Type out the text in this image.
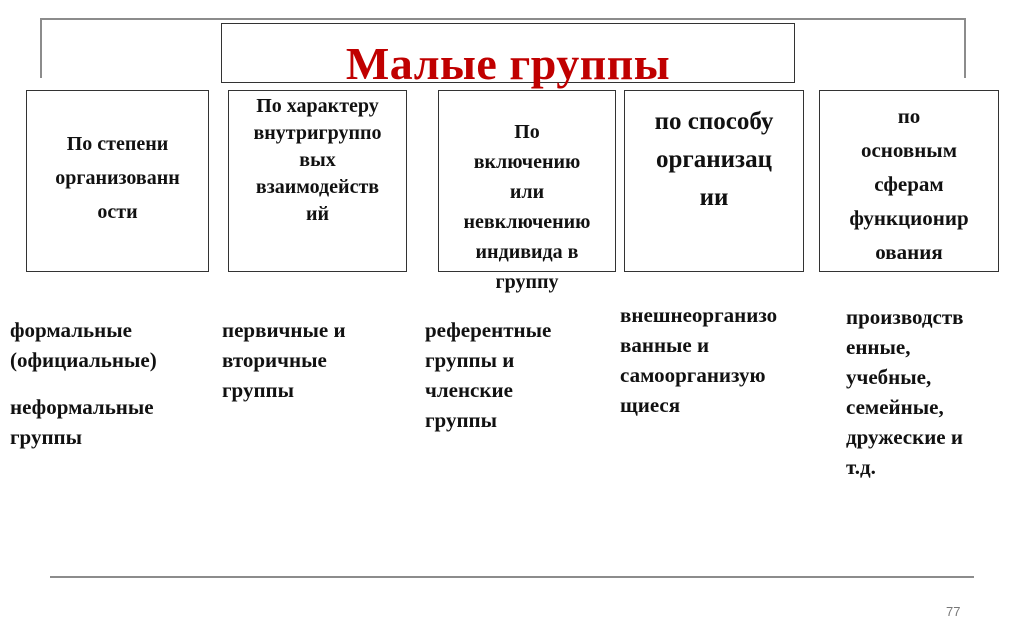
Малые группы
По степени
организованн
ости
По характеру
внутригруппо
вых
взаимодейств
ий
По
включению
или
невключению
индивида в
группу
по способу
организац
ии
по
основным
сферам
функционир
ования
формальные
(официальные)
неформальные
группы
первичные и
вторичные
группы
референтные
группы и
членские
группы
внешнеорганизо
ванные и
самоорганизую
щиеся
производств
енные,
учебные,
семейные,
дружеские и
т.д.
77
